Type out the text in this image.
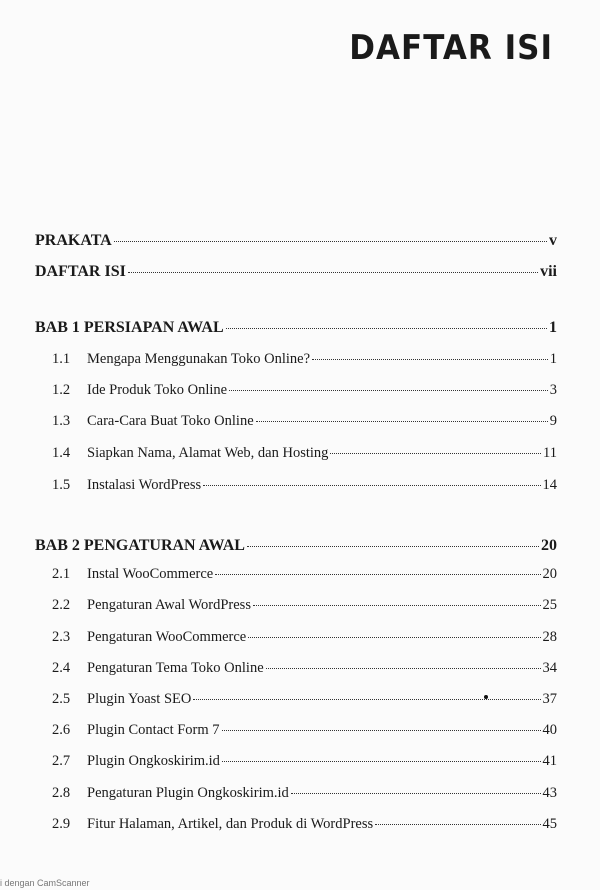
DAFTAR ISI
PRAKATA	v
DAFTAR ISI	vii
BAB 1 PERSIAPAN AWAL	1
1.1	Mengapa Menggunakan Toko Online?	1
1.2	Ide Produk Toko Online	3
1.3	Cara-Cara Buat Toko Online	9
1.4	Siapkan Nama, Alamat Web, dan Hosting	11
1.5	Instalasi WordPress	14
BAB 2 PENGATURAN AWAL	20
2.1	Instal WooCommerce	20
2.2	Pengaturan Awal WordPress	25
2.3	Pengaturan WooCommerce	28
2.4	Pengaturan Tema Toko Online	34
2.5	Plugin Yoast SEO	37
2.6	Plugin Contact Form 7	40
2.7	Plugin Ongkoskirim.id	41
2.8	Pengaturan Plugin Ongkoskirim.id	43
2.9	Fitur Halaman, Artikel, dan Produk di WordPress	45
i dengan CamScanner
